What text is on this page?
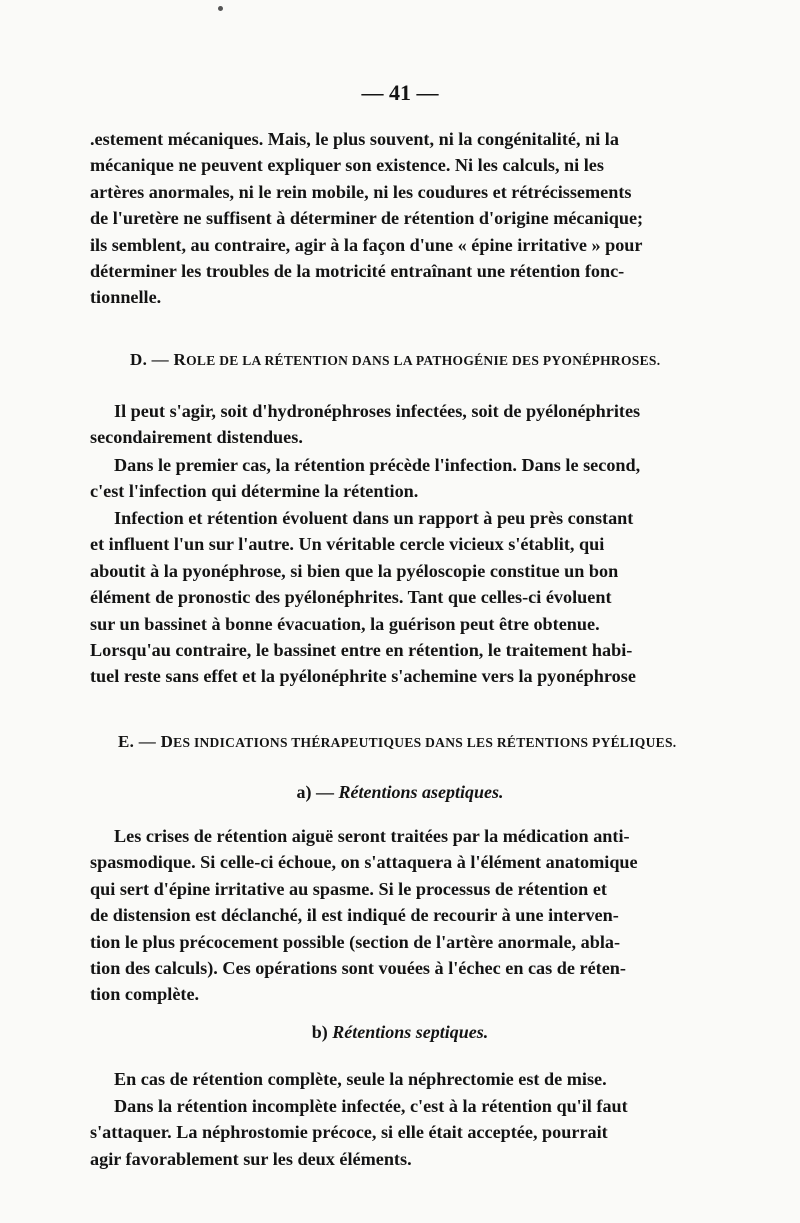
— 41 —

.estement mécaniques. Mais, le plus souvent, ni la congénitalité, ni la
mécanique ne peuvent expliquer son existence. Ni les calculs, ni les
artères anormales, ni le rein mobile, ni les coudures et rétrécissements
de l'uretère ne suffisent à déterminer de rétention d'origine mécanique;
ils semblent, au contraire, agir à la façon d'une « épine irritative » pour
déterminer les troubles de la motricité entraînant une rétention fonc-
tionnelle.

D. — ROLE DE LA RÉTENTION DANS LA PATHOGÉNIE DES PYONÉPHROSES.

Il peut s'agir, soit d'hydronéphroses infectées, soit de pyélonéphrites
secondairement distendues.

Dans le premier cas, la rétention précède l'infection. Dans le second,
c'est l'infection qui détermine la rétention.

Infection et rétention évoluent dans un rapport à peu près constant
et influent l'un sur l'autre. Un véritable cercle vicieux s'établit, qui
aboutit à la pyonéphrose, si bien que la pyéloscopie constitue un bon
élément de pronostic des pyélonéphrites. Tant que celles-ci évoluent
sur un bassinet à bonne évacuation, la guérison peut être obtenue.
Lorsqu'au contraire, le bassinet entre en rétention, le traitement habi-
tuel reste sans effet et la pyélonéphrite s'achemine vers la pyonéphrose

E. — DES INDICATIONS THÉRAPEUTIQUES DANS LES RÉTENTIONS PYÉLIQUES.
a) — Rétentions aseptiques.

Les crises de rétention aiguë seront traitées par la médication anti-
spasmodique. Si celle-ci échoue, on s'attaquera à l'élément anatomique
qui sert d'épine irritative au spasme. Si le processus de rétention et
de distension est déclanché, il est indiqué de recourir à une interven-
tion le plus précocement possible (section de l'artère anormale, abla-
tion des calculs). Ces opérations sont vouées à l'échec en cas de réten-
tion complète.

b) Rétentions septiques.

En cas de rétention complète, seule la néphrectomie est de mise.

Dans la rétention incomplète infectée, c'est à la rétention qu'il faut
s'attaquer. La néphrostomie précoce, si elle était acceptée, pourrait
agir favorablement sur les deux éléments.
